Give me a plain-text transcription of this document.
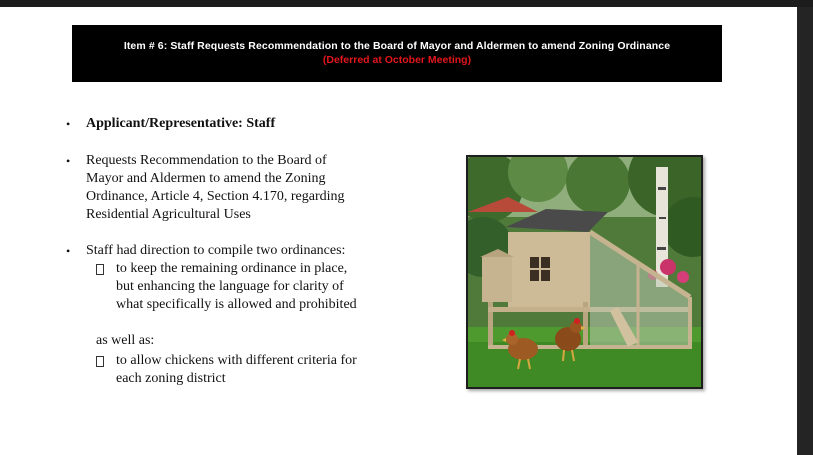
Item # 6: Staff Requests Recommendation to the Board of Mayor and Aldermen to amend Zoning Ordinance
(Deferred at October Meeting)
• Applicant/Representative: Staff
• Requests Recommendation to the Board of
Mayor and Aldermen to amend the Zoning
Ordinance, Article 4, Section 4.170, regarding
Residential Agricultural Uses
• Staff had direction to compile two ordinances:
to keep the remaining ordinance in place,
but enhancing the language for clarity of
what specifically is allowed and prohibited
as well as:
to allow chickens with different criteria for
each zoning district
